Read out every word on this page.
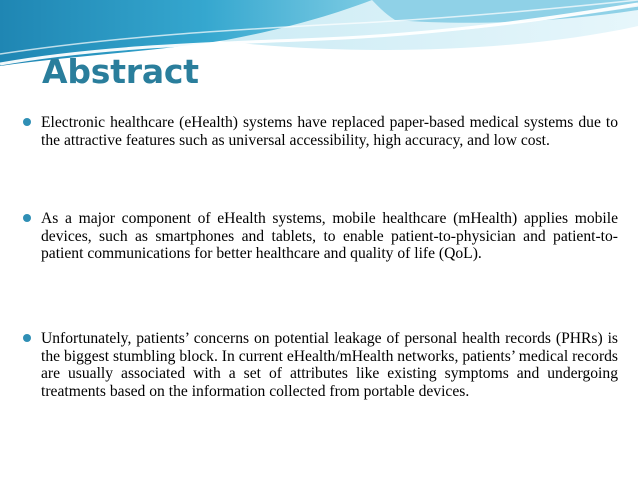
Abstract
Electronic healthcare (eHealth) systems have replaced paper-based medical systems due to the attractive features such as universal accessibility, high accuracy, and low cost.
As a major component of eHealth systems, mobile healthcare (mHealth) applies mobile devices, such as smartphones and tablets, to enable patient-to-physician and patient-to-patient communications for better healthcare and quality of life (QoL).
Unfortunately, patients’ concerns on potential leakage of personal health records (PHRs) is the biggest stumbling block. In current eHealth/mHealth networks, patients’ medical records are usually associated with a set of attributes like existing symptoms and undergoing treatments based on the information collected from portable devices.
